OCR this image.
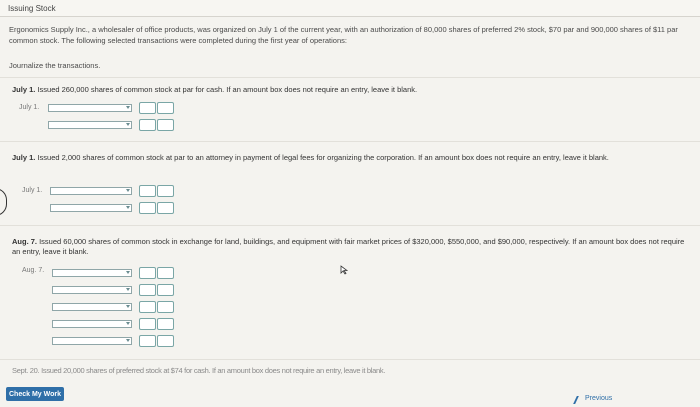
Issuing Stock
Ergonomics Supply Inc., a wholesaler of office products, was organized on July 1 of the current year, with an authorization of 80,000 shares of preferred 2% stock, $70 par and 900,000 shares of $11 par common stock. The following selected transactions were completed during the first year of operations:
Journalize the transactions.
July 1. Issued 260,000 shares of common stock at par for cash. If an amount box does not require an entry, leave it blank.
July 1.
July 1. Issued 2,000 shares of common stock at par to an attorney in payment of legal fees for organizing the corporation. If an amount box does not require an entry, leave it blank.
July 1.
Aug. 7. Issued 60,000 shares of common stock in exchange for land, buildings, and equipment with fair market prices of $320,000, $550,000, and $90,000, respectively. If an amount box does not require an entry, leave it blank.
Aug. 7.
Sept. 20. Issued 20,000 shares of preferred stock at $74 for cash. If an amount box does not require an entry, leave it blank.
Check My Work
Previous
